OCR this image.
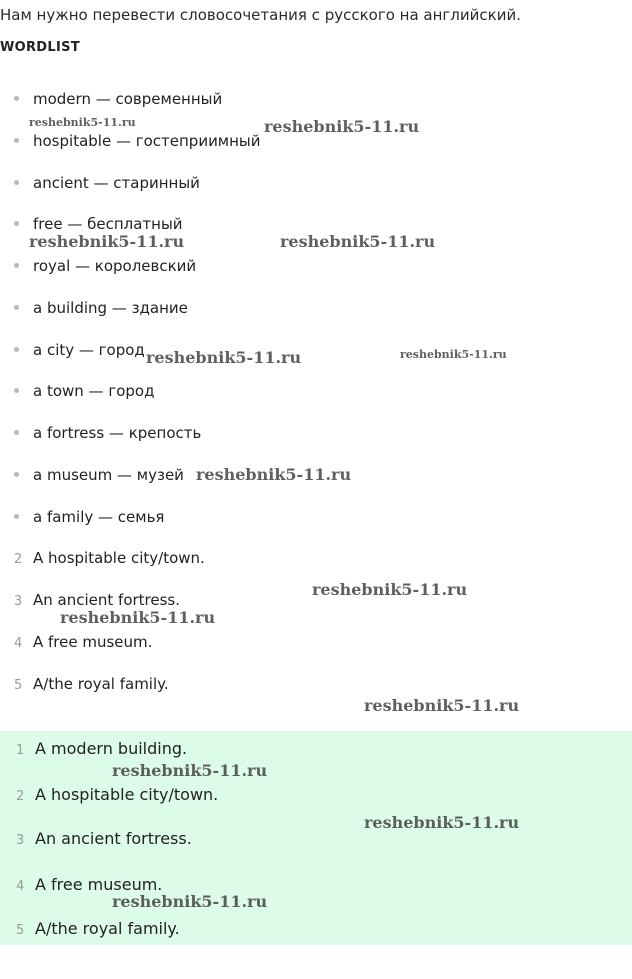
Нам нужно перевести словосочетания с русского на английский.
WORDLIST
modern — современный
hospitable — гостеприимный
ancient — старинный
free — бесплатный
royal — королевский
a building — здание
a city — город
a town — город
a fortress — крепость
a museum — музей
a family — семья
2 A hospitable city/town.
3 An ancient fortress.
4 A free museum.
5 A/the royal family.
1 A modern building.
2 A hospitable city/town.
3 An ancient fortress.
4 A free museum.
5 A/the royal family.
reshebnik5-11.ru	reshebnik5-11.ru
reshebnik5-11.ru	reshebnik5-11.ru
reshebnik5-11.ru	reshebnik5-11.ru
reshebnik5-11.ru
reshebnik5-11.ru
reshebnik5-11.ru
reshebnik5-11.ru
reshebnik5-11.ru
reshebnik5-11.ru
reshebnik5-11.ru
